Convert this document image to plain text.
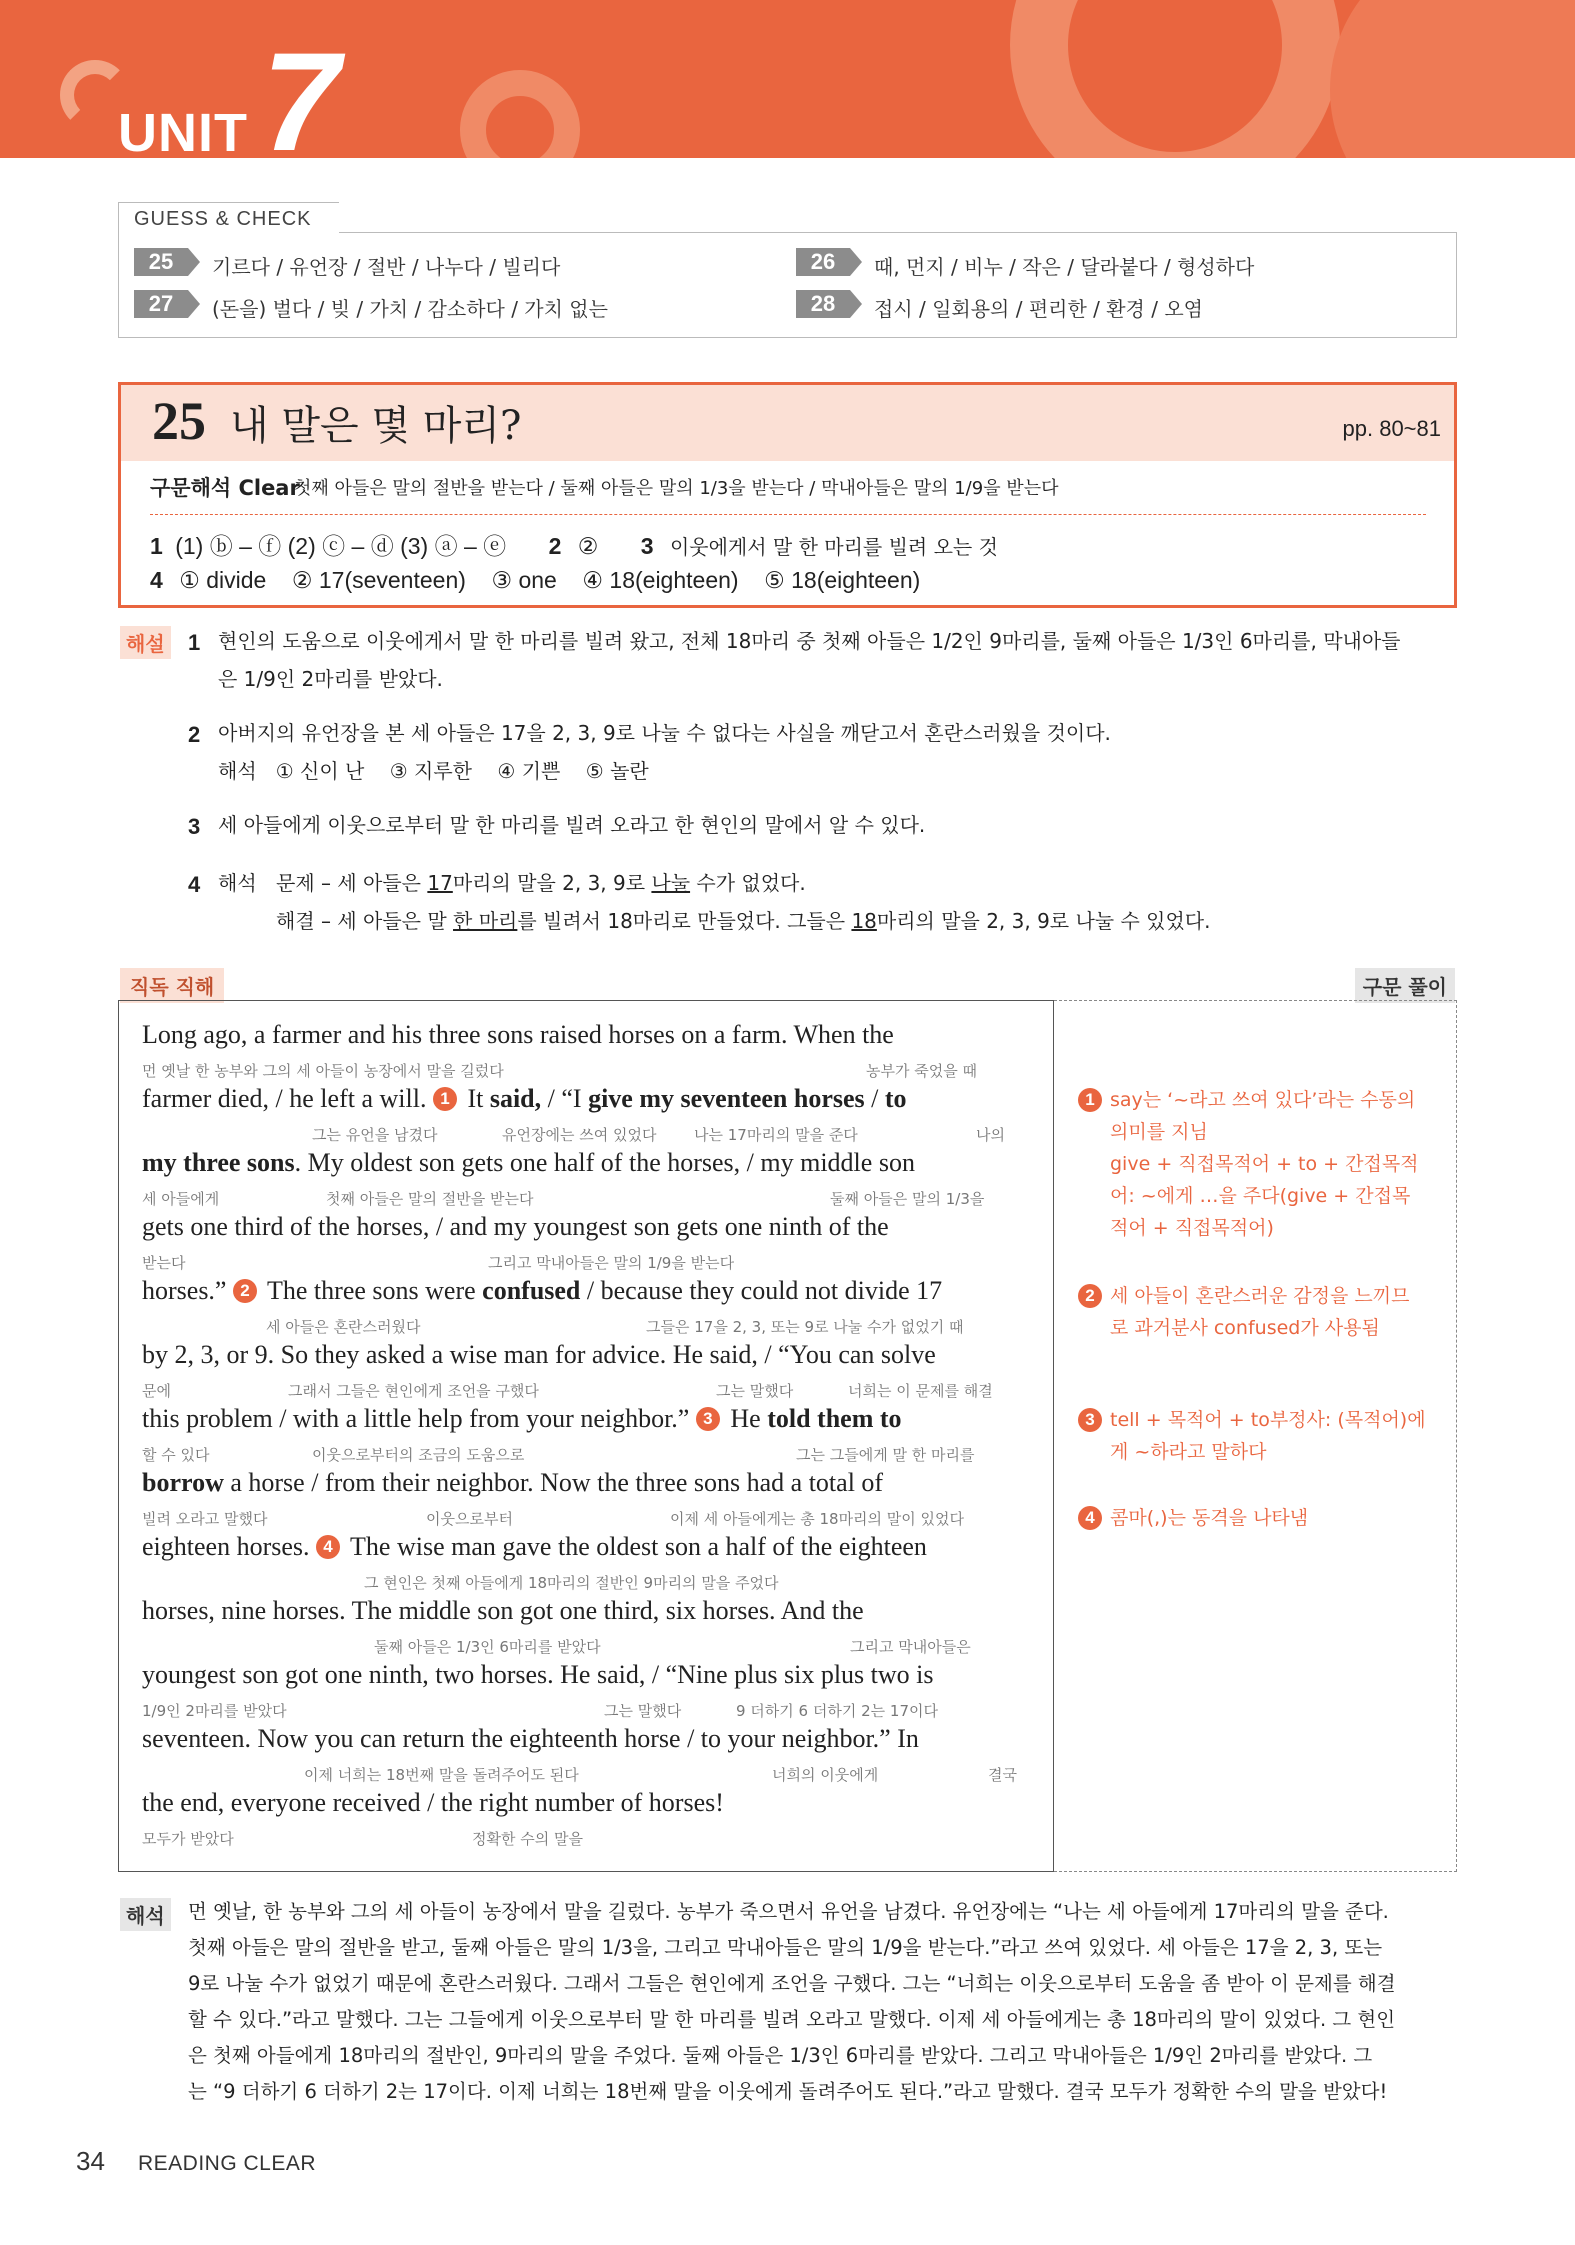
UNIT 7
GUESS & CHECK
25	기르다 / 유언장 / 절반 / 나누다 / 빌리다	26	때, 먼지 / 비누 / 작은 / 달라붙다 / 형성하다
27	(돈을) 벌다 / 빚 / 가치 / 감소하다 / 가치 없는	28	접시 / 일회용의 / 편리한 / 환경 / 오염
25 내 말은 몇 마리?	pp. 80~81
구문해석 Clear
첫째 아들은 말의 절반을 받는다 / 둘째 아들은 말의 1/3을 받는다 / 막내아들은 말의 1/9을 받는다
1 (1) ⓑ – ⓕ (2) ⓒ – ⓓ (3) ⓐ – ⓔ 2 ② 3 이웃에게서 말 한 마리를 빌려 오는 것
4 ① divide    ② 17(seventeen)    ③ one    ④ 18(eighteen)    ⑤ 18(eighteen)
해설 1 현인의 도움으로 이웃에게서 말 한 마리를 빌려 왔고, 전체 18마리 중 첫째 아들은 1/2인 9마리를, 둘째 아들은 1/3인 6마리를, 막내아들
은 1/9인 2마리를 받았다.
2 아버지의 유언장을 본 세 아들은 17을 2, 3, 9로 나눌 수 없다는 사실을 깨닫고서 혼란스러웠을 것이다.
해석   ① 신이 난    ③ 지루한    ④ 기쁜    ⑤ 놀란
3 세 아들에게 이웃으로부터 말 한 마리를 빌려 오라고 한 현인의 말에서 알 수 있다.
4 해석 문제 – 세 아들은 17마리의 말을 2, 3, 9로 나눌 수가 없었다.
해결 – 세 아들은 말 한 마리를 빌려서 18마리로 만들었다. 그들은 18마리의 말을 2, 3, 9로 나눌 수 있었다.
직독 직해	구문 풀이
Long ago, a farmer and his three sons raised horses on a farm. When the
먼 옛날 한 농부와 그의 세 아들이 농장에서 말을 길렀다	농부가 죽었을 때
farmer died, / he left a will. 1 It said, / “I give my seventeen horses / to
그는 유언을 남겼다	유언장에는 쓰여 있었다	나는 17마리의 말을 준다	나의
my three sons. My oldest son gets one half of the horses, / my middle son
세 아들에게	첫째 아들은 말의 절반을 받는다	둘째 아들은 말의 1/3을
gets one third of the horses, / and my youngest son gets one ninth of the
받는다	그리고 막내아들은 말의 1/9을 받는다
horses.” 2 The three sons were confused / because they could not divide 17
세 아들은 혼란스러웠다	그들은 17을 2, 3, 또는 9로 나눌 수가 없었기 때
by 2, 3, or 9. So they asked a wise man for advice. He said, / “You can solve
문에	그래서 그들은 현인에게 조언을 구했다	그는 말했다	너희는 이 문제를 해결
this problem / with a little help from your neighbor.” 3 He told them to
할 수 있다	이웃으로부터의 조금의 도움으로	그는 그들에게 말 한 마리를
borrow a horse / from their neighbor. Now the three sons had a total of
빌려 오라고 말했다	이웃으로부터	이제 세 아들에게는 총 18마리의 말이 있었다
eighteen horses. 4 The wise man gave the oldest son a half of the eighteen
그 현인은 첫째 아들에게 18마리의 절반인 9마리의 말을 주었다
horses, nine horses. The middle son got one third, six horses. And the
둘째 아들은 1/3인 6마리를 받았다	그리고 막내아들은
youngest son got one ninth, two horses. He said, / “Nine plus six plus two is
1/9인 2마리를 받았다	그는 말했다	9 더하기 6 더하기 2는 17이다
seventeen. Now you can return the eighteenth horse / to your neighbor.” In
이제 너희는 18번째 말을 돌려주어도 된다	너희의 이웃에게	결국
the end, everyone received / the right number of horses!
모두가 받았다	정확한 수의 말을
1 say는 ‘~라고 쓰여 있다’라는 수동의
의미를 지님
give + 직접목적어 + to + 간접목적
어: ~에게 …을 주다(give + 간접목
적어 + 직접목적어)
2 세 아들이 혼란스러운 감정을 느끼므
로 과거분사 confused가 사용됨
3 tell + 목적어 + to부정사: (목적어)에
게 ~하라고 말하다
4 콤마(,)는 동격을 나타냄
해석	먼 옛날, 한 농부와 그의 세 아들이 농장에서 말을 길렀다. 농부가 죽으면서 유언을 남겼다. 유언장에는 “나는 세 아들에게 17마리의 말을 준다.
첫째 아들은 말의 절반을 받고, 둘째 아들은 말의 1/3을, 그리고 막내아들은 말의 1/9을 받는다.”라고 쓰여 있었다. 세 아들은 17을 2, 3, 또는
9로 나눌 수가 없었기 때문에 혼란스러웠다. 그래서 그들은 현인에게 조언을 구했다. 그는 “너희는 이웃으로부터 도움을 좀 받아 이 문제를 해결
할 수 있다.”라고 말했다. 그는 그들에게 이웃으로부터 말 한 마리를 빌려 오라고 말했다. 이제 세 아들에게는 총 18마리의 말이 있었다. 그 현인
은 첫째 아들에게 18마리의 절반인, 9마리의 말을 주었다. 둘째 아들은 1/3인 6마리를 받았다. 그리고 막내아들은 1/9인 2마리를 받았다. 그
는 “9 더하기 6 더하기 2는 17이다. 이제 너희는 18번째 말을 이웃에게 돌려주어도 된다.”라고 말했다. 결국 모두가 정확한 수의 말을 받았다!
34 READING CLEAR
